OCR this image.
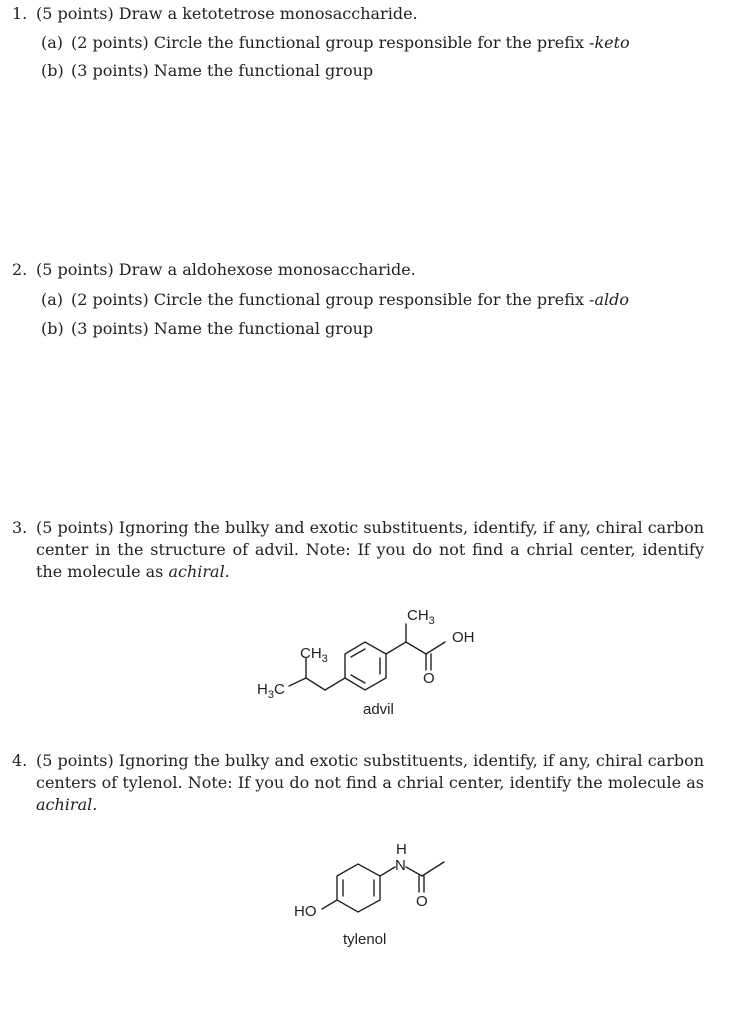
1. (5 points) Draw a ketotetrose monosaccharide.
(a) (2 points) Circle the functional group responsible for the prefix -keto
(b) (3 points) Name the functional group
2. (5 points) Draw a aldohexose monosaccharide.
(a) (2 points) Circle the functional group responsible for the prefix -aldo
(b) (3 points) Name the functional group
3. (5 points) Ignoring the bulky and exotic substituents, identify, if any, chiral carbon center in the structure of advil. Note: If you do not find a chrial center, identify the molecule as achiral.
$CH_3$
$CH_3$
$H_3C$
OH
O
advil
4. (5 points) Ignoring the bulky and exotic substituents, identify, if any, chiral carbon centers of tylenol. Note: If you do not find a chrial center, identify the molecule as achiral.
H
N
HO
O
tylenol
